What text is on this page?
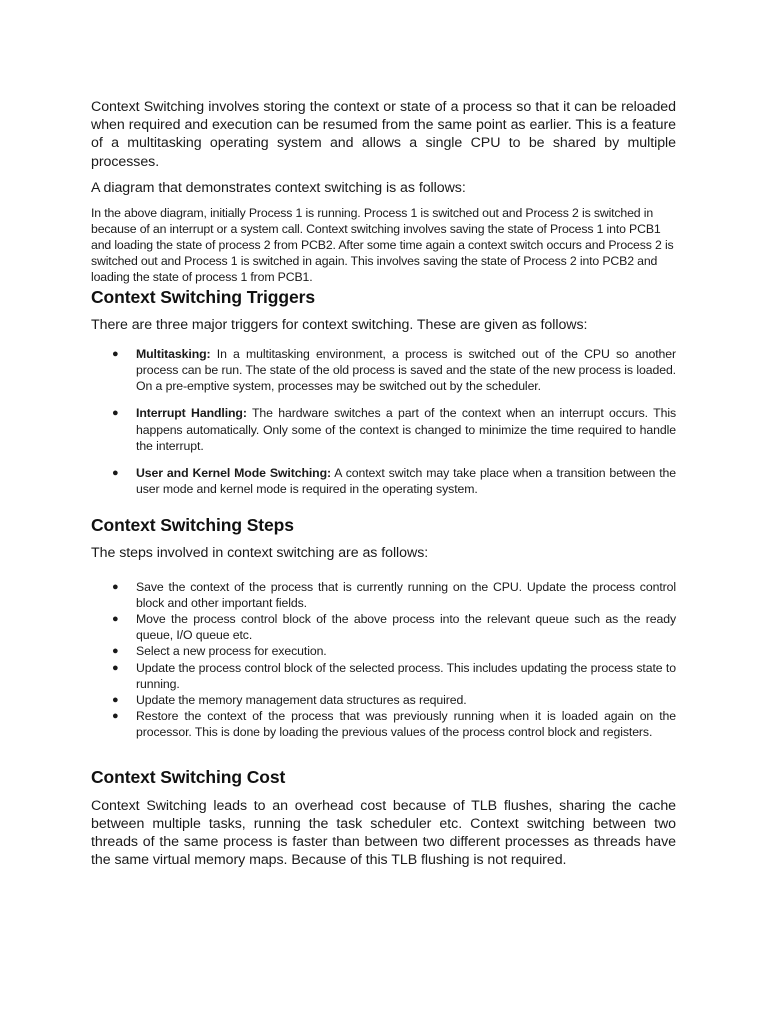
Context Switching involves storing the context or state of a process so that it can be reloaded when required and execution can be resumed from the same point as earlier. This is a feature of a multitasking operating system and allows a single CPU to be shared by multiple processes.

A diagram that demonstrates context switching is as follows:

In the above diagram, initially Process 1 is running. Process 1 is switched out and Process 2 is switched in because of an interrupt or a system call. Context switching involves saving the state of Process 1 into PCB1 and loading the state of process 2 from PCB2. After some time again a context switch occurs and Process 2 is switched out and Process 1 is switched in again. This involves saving the state of Process 2 into PCB2 and loading the state of process 1 from PCB1.

Context Switching Triggers

There are three major triggers for context switching. These are given as follows:

● Multitasking: In a multitasking environment, a process is switched out of the CPU so another process can be run. The state of the old process is saved and the state of the new process is loaded. On a pre-emptive system, processes may be switched out by the scheduler.
● Interrupt Handling: The hardware switches a part of the context when an interrupt occurs. This happens automatically. Only some of the context is changed to minimize the time required to handle the interrupt.
● User and Kernel Mode Switching: A context switch may take place when a transition between the user mode and kernel mode is required in the operating system.
Context Switching Steps

The steps involved in context switching are as follows:

● Save the context of the process that is currently running on the CPU. Update the process control block and other important fields.
● Move the process control block of the above process into the relevant queue such as the ready queue, I/O queue etc.
● Select a new process for execution.
● Update the process control block of the selected process. This includes updating the process state to running.
● Update the memory management data structures as required.
● Restore the context of the process that was previously running when it is loaded again on the processor. This is done by loading the previous values of the process control block and registers.
Context Switching Cost

Context Switching leads to an overhead cost because of TLB flushes, sharing the cache between multiple tasks, running the task scheduler etc. Context switching between two threads of the same process is faster than between two different processes as threads have the same virtual memory maps. Because of this TLB flushing is not required.
